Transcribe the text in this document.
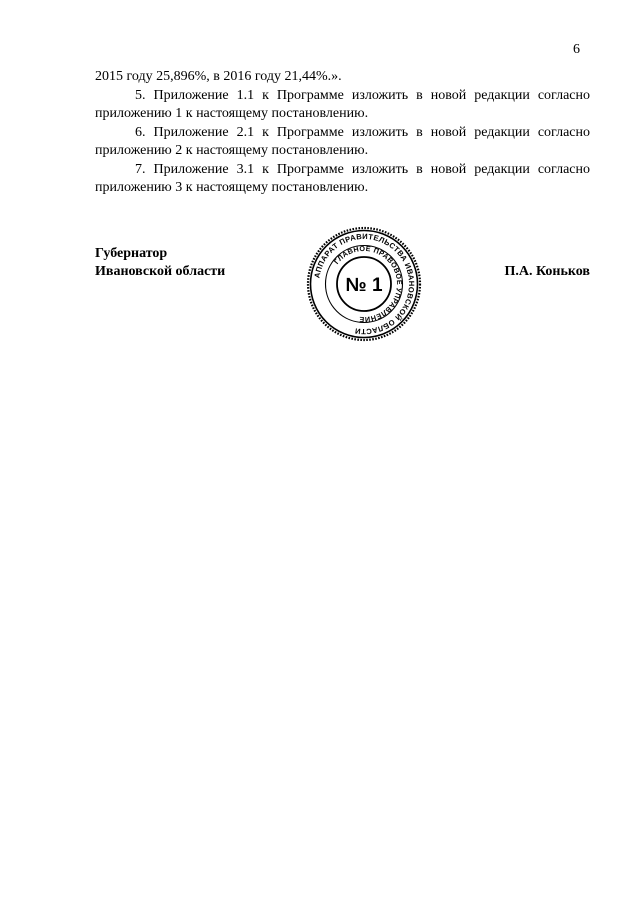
6

2015 году 25,896%, в 2016 году 21,44%.».

5. Приложение 1.1 к Программе изложить в новой редакции согласно приложению 1 к настоящему постановлению.

6. Приложение 2.1 к Программе изложить в новой редакции согласно приложению 2 к настоящему постановлению.

7. Приложение 3.1 к Программе изложить в новой редакции согласно приложению 3 к настоящему постановлению.

Губернатор
Ивановской области	АППАРАТ ПРАВИТЕЛЬСТВА ИВАНОВСКОЙ ОБЛАСТИ
ГЛАВНОЕ ПРАВОВОЕ УПРАВЛЕНИЕ
№ 1
П.А. Коньков
